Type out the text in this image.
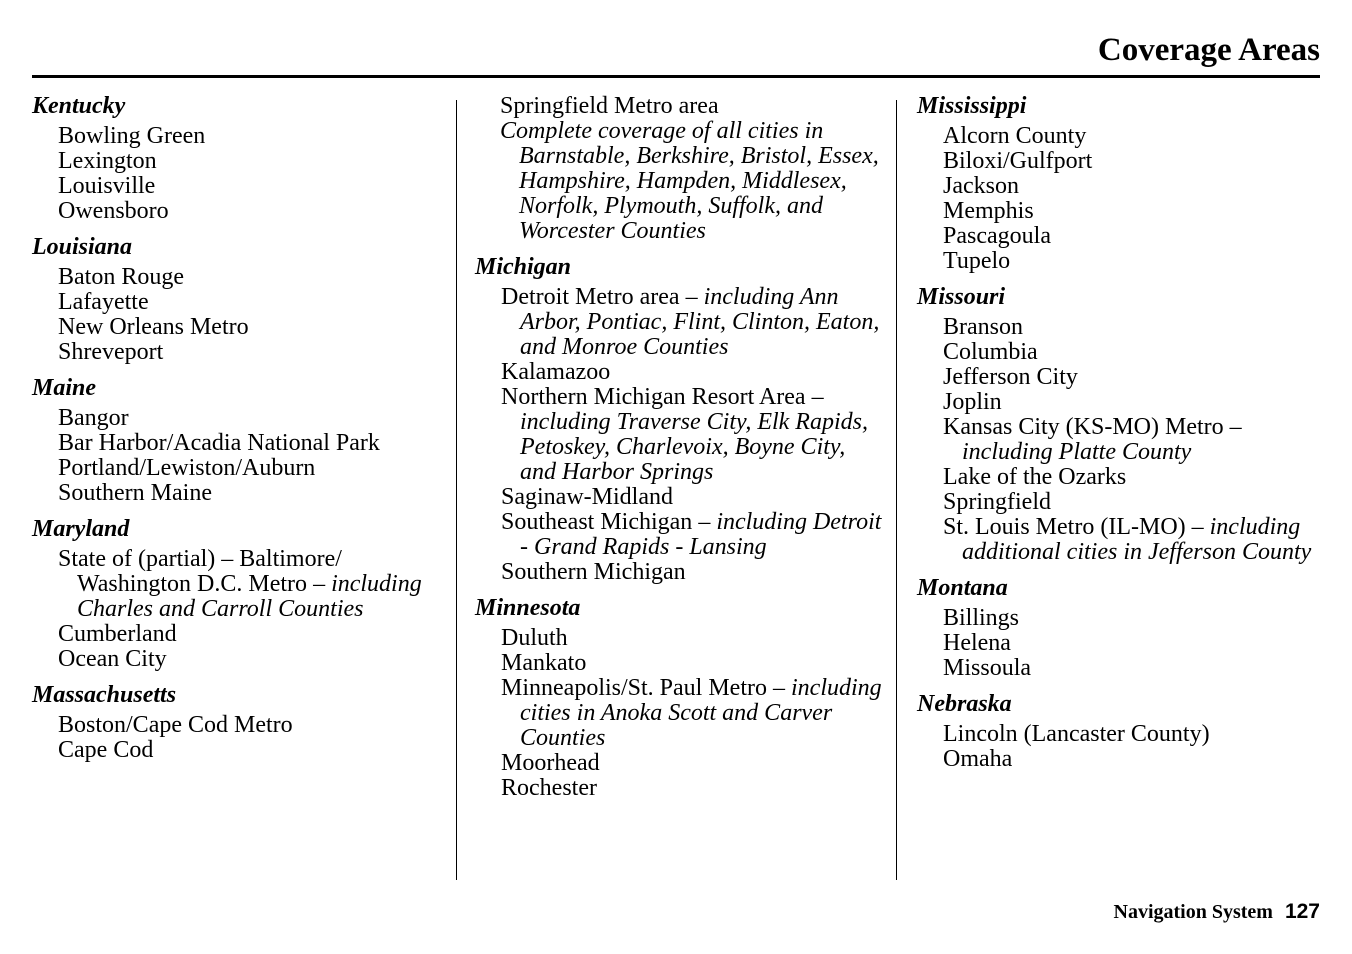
Coverage Areas
Kentucky
Bowling Green
Lexington
Louisville
Owensboro
Louisiana
Baton Rouge
Lafayette
New Orleans Metro
Shreveport
Maine
Bangor
Bar Harbor/Acadia National Park
Portland/Lewiston/Auburn
Southern Maine
Maryland
State of (partial) – Baltimore/ Washington D.C. Metro – including Charles and Carroll Counties
Cumberland
Ocean City
Massachusetts
Boston/Cape Cod Metro
Cape Cod
Springfield Metro area
Complete coverage of all cities in Barnstable, Berkshire, Bristol, Essex, Hampshire, Hampden, Middlesex, Norfolk, Plymouth, Suffolk, and Worcester Counties
Michigan
Detroit Metro area – including Ann Arbor, Pontiac, Flint, Clinton, Eaton, and Monroe Counties
Kalamazoo
Northern Michigan Resort Area – including Traverse City, Elk Rapids, Petoskey, Charlevoix, Boyne City, and Harbor Springs
Saginaw-Midland
Southeast Michigan – including Detroit - Grand Rapids - Lansing
Southern Michigan
Minnesota
Duluth
Mankato
Minneapolis/St. Paul Metro – including cities in Anoka Scott and Carver Counties
Moorhead
Rochester
Mississippi
Alcorn County
Biloxi/Gulfport
Jackson
Memphis
Pascagoula
Tupelo
Missouri
Branson
Columbia
Jefferson City
Joplin
Kansas City (KS-MO) Metro – including Platte County
Lake of the Ozarks
Springfield
St. Louis Metro (IL-MO) – including additional cities in Jefferson County
Montana
Billings
Helena
Missoula
Nebraska
Lincoln (Lancaster County)
Omaha
Navigation System 127
